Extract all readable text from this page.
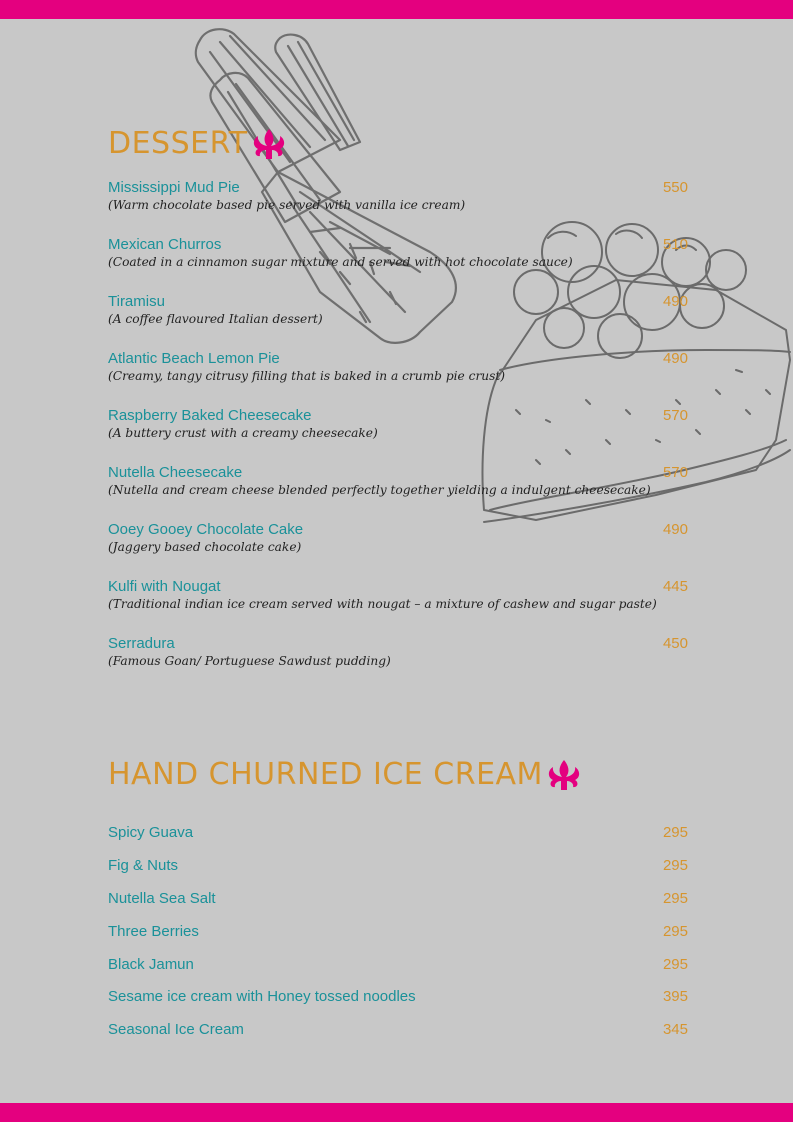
DESSERT
Mississippi Mud Pie	550
(Warm chocolate based pie served with vanilla ice cream)
Mexican Churros	510
(Coated in a cinnamon sugar mixture and served with hot chocolate sauce)
Tiramisu	490
(A coffee flavoured Italian dessert)
Atlantic Beach Lemon Pie	490
(Creamy, tangy citrusy filling that is baked in a crumb pie crust)
Raspberry Baked Cheesecake	570
(A buttery crust with a creamy cheesecake)
Nutella Cheesecake	570
(Nutella and cream cheese blended perfectly together yielding a indulgent cheesecake)
Ooey Gooey Chocolate Cake	490
(Jaggery based chocolate cake)
Kulfi with Nougat	445
(Traditional indian ice cream served with nougat – a mixture of cashew and sugar paste)
Serradura	450
(Famous Goan/ Portuguese Sawdust pudding)
HAND CHURNED ICE CREAM
Spicy Guava	295
Fig & Nuts	295
Nutella Sea Salt	295
Three Berries	295
Black Jamun	295
Sesame ice cream with Honey tossed noodles	395
Seasonal Ice Cream	345
